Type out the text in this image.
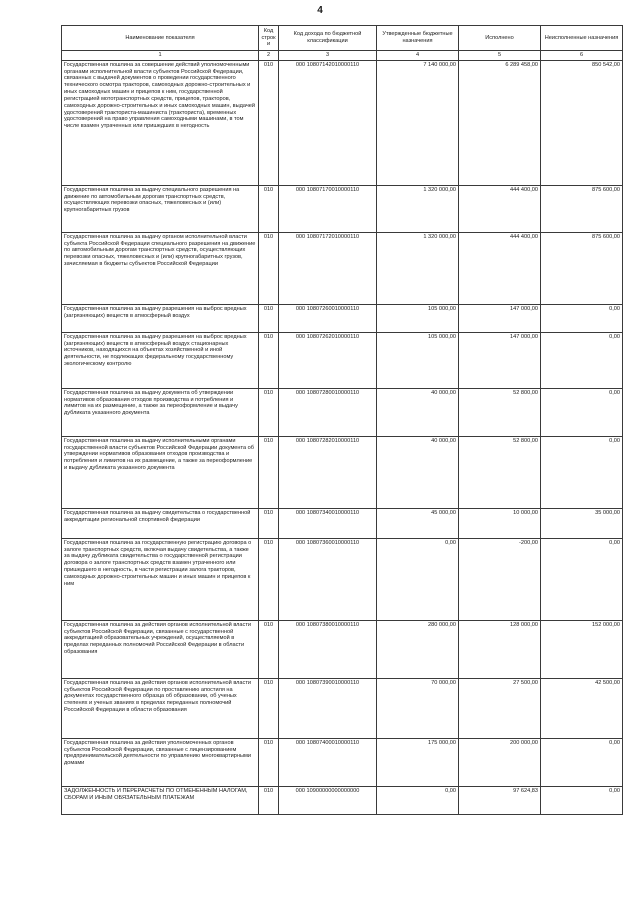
4
Наименование показателя	Код строк и	Код дохода по бюджетной классификации	Утвержденные бюджетные назначения	Исполнено	Неисполненные назначения
1	2	3	4	5	6
Государственная пошлина за совершение действий уполномоченными органами исполнительной власти субъектов Российской Федерации, связанных с выдачей документов о проведении государственного технического осмотра тракторов, самоходных дорожно-строительных и иных самоходных машин и прицепов к ним, государственной регистрацией мототранспортных средств, прицепов, тракторов, самоходных дорожно-строительных и иных самоходных машин, выдачей удостоверений тракториста-машиниста (тракториста), временных удостоверений на право управления самоходными машинами, в том числе взамен утраченных или пришедших в негодность	010	000 10807142010000110	7 140 000,00	6 289 458,00	850 542,00
Государственная пошлина за выдачу специального разрешения на движение по автомобильным дорогам транспортных средств, осуществляющих перевозки опасных, тяжеловесных и (или) крупногабаритных грузов	010	000 10807170010000110	1 320 000,00	444 400,00	875 600,00
Государственная пошлина за выдачу органом исполнительной власти субъекта Российской Федерации специального разрешения на движение по автомобильным дорогам транспортных средств, осуществляющих перевозки опасных, тяжеловесных и (или) крупногабаритных грузов, зачисляемая в бюджеты субъектов Российской Федерации	010	000 10807172010000110	1 320 000,00	444 400,00	875 600,00
Государственная пошлина за выдачу разрешения на выброс вредных (загрязняющих) веществ в атмосферный воздух	010	000 10807260010000110	105 000,00	147 000,00	0,00
Государственная пошлина за выдачу разрешения на выброс вредных (загрязняющих) веществ в атмосферный воздух стационарных источников, находящихся на объектах хозяйственной и иной деятельности, не подлежащих федеральному государственному экологическому контролю	010	000 10807262010000110	105 000,00	147 000,00	0,00
Государственная пошлина за выдачу документа об утверждении нормативов образования отходов производства и потребления и лимитов на их размещение, а также за переоформление и выдачу дубликата указанного документа	010	000 10807280010000110	40 000,00	52 800,00	0,00
Государственная пошлина за выдачу исполнительными органами государственной власти субъектов Российской Федерации документа об утверждении нормативов образования отходов производства и потребления и лимитов на их размещение, а также за переоформление и выдачу дубликата указанного документа	010	000 10807282010000110	40 000,00	52 800,00	0,00
Государственная пошлина за выдачу свидетельства о государственной аккредитации региональной спортивной федерации	010	000 10807340010000110	45 000,00	10 000,00	35 000,00
Государственная пошлина за государственную регистрацию договора о залоге транспортных средств, включая выдачу свидетельства, а также за выдачу дубликата свидетельства о государственной регистрации договора о залоге транспортных средств взамен утраченного или пришедшего в негодность, в части регистрации залога тракторов, самоходных дорожно-строительных машин и иных машин и прицепов к ним	010	000 10807360010000110	0,00	-200,00	0,00
Государственная пошлина за действия органов исполнительной власти субъектов Российской Федерации, связанные с государственной аккредитацией образовательных учреждений, осуществляемой в пределах переданных полномочий Российской Федерации в области образования	010	000 10807380010000110	280 000,00	128 000,00	152 000,00
Государственная пошлина за действия органов исполнительной власти субъектов Российской Федерации по проставлению апостиля на документах государственного образца об образовании, об ученых степенях и ученых званиях в пределах переданных полномочий Российской Федерации в области образования	010	000 10807390010000110	70 000,00	27 500,00	42 500,00
Государственная пошлина за действия уполномоченных органов субъектов Российской Федерации, связанные с лицензированием предпринимательской деятельности по управлению многоквартирными домами	010	000 10807400010000110	175 000,00	200 000,00	0,00
ЗАДОЛЖЕННОСТЬ И ПЕРЕРАСЧЕТЫ ПО ОТМЕНЕННЫМ НАЛОГАМ, СБОРАМ И ИНЫМ ОБЯЗАТЕЛЬНЫМ ПЛАТЕЖАМ	010	000 10900000000000000	0,00	97 624,83	0,00
